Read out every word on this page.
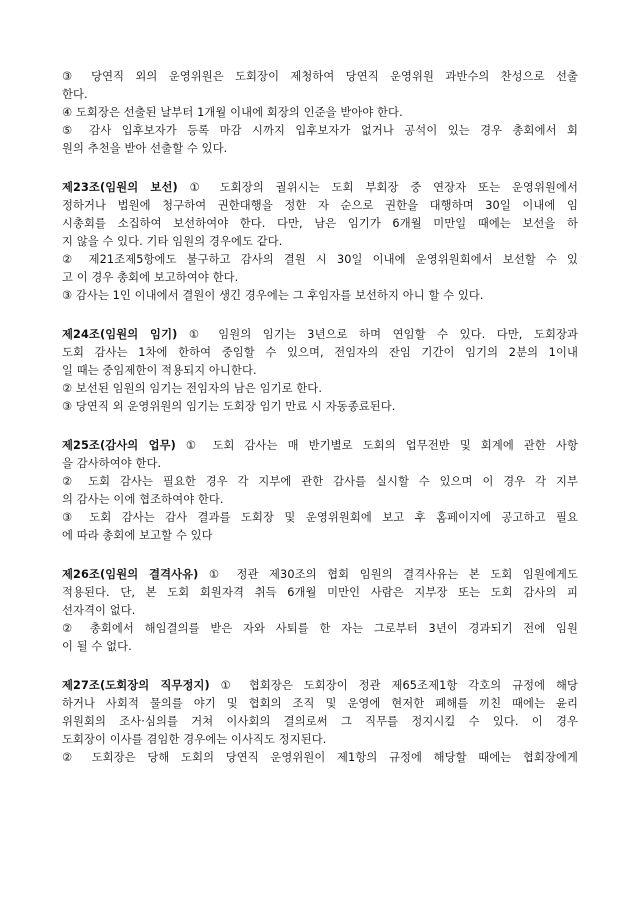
③ 당연직 외의 운영위원은 도회장이 제청하여 당연직 운영위원 과반수의 찬성으로 선출
한다.
④ 도회장은 선출된 날부터 1개월 이내에 회장의 인준을 받아야 한다.
⑤ 감사 입후보자가 등록 마감 시까지 입후보자가 없거나 공석이 있는 경우 총회에서 회
원의 추천을 받아 선출할 수 있다.
제23조(임원의 보선) ① 도회장의 궐위시는 도회 부회장 중 연장자 또는 운영위원에서
정하거나 법원에 청구하여 권한대행을 정한 자 순으로 권한을 대행하며 30일 이내에 임
시총회를 소집하여 보선하여야 한다. 다만, 남은 임기가 6개월 미만일 때에는 보선을 하
지 않을 수 있다. 기타 임원의 경우에도 같다.
② 제21조제5항에도 불구하고 감사의 결원 시 30일 이내에 운영위원회에서 보선할 수 있
고 이 경우 총회에 보고하여야 한다.
③ 감사는 1인 이내에서 결원이 생긴 경우에는 그 후임자를 보선하지 아니 할 수 있다.
제24조(임원의 임기) ① 임원의 임기는 3년으로 하며 연임할 수 있다. 다만, 도회장과
도회 감사는 1차에 한하여 중임할 수 있으며, 전임자의 잔임 기간이 임기의 2분의 1이내
일 때는 중임제한이 적용되지 아니한다.
② 보선된 임원의 임기는 전임자의 남은 임기로 한다.
③ 당연직 외 운영위원의 임기는 도회장 임기 만료 시 자동종료된다.
제25조(감사의 업무) ① 도회 감사는 매 반기별로 도회의 업무전반 및 회계에 관한 사항
을 감사하여야 한다.
② 도회 감사는 필요한 경우 각 지부에 관한 감사를 실시할 수 있으며 이 경우 각 지부
의 감사는 이에 협조하여야 한다.
③ 도회 감사는 감사 결과를 도회장 및 운영위원회에 보고 후 홈페이지에 공고하고 필요
에 따라 총회에 보고할 수 있다
제26조(임원의 결격사유) ① 정관 제30조의 협회 임원의 결격사유는 본 도회 임원에게도
적용된다. 단, 본 도회 회원자격 취득 6개월 미만인 사람은 지부장 또는 도회 감사의 피
선자격이 없다.
② 총회에서 해임결의를 받은 자와 사퇴를 한 자는 그로부터 3년이 경과되기 전에 임원
이 될 수 없다.
제27조(도회장의 직무정지) ① 협회장은 도회장이 정관 제65조제1항 각호의 규정에 해당
하거나 사회적 물의를 야기 및 협회의 조직 및 운영에 현저한 폐해를 끼친 때에는 윤리
위원회의 조사·심의를 거쳐 이사회의 결의로써 그 직무를 정지시킬 수 있다. 이 경우
도회장이 이사를 겸임한 경우에는 이사직도 정지된다.
② 도회장은 당해 도회의 당연직 운영위원이 제1항의 규정에 해당할 때에는 협회장에게
